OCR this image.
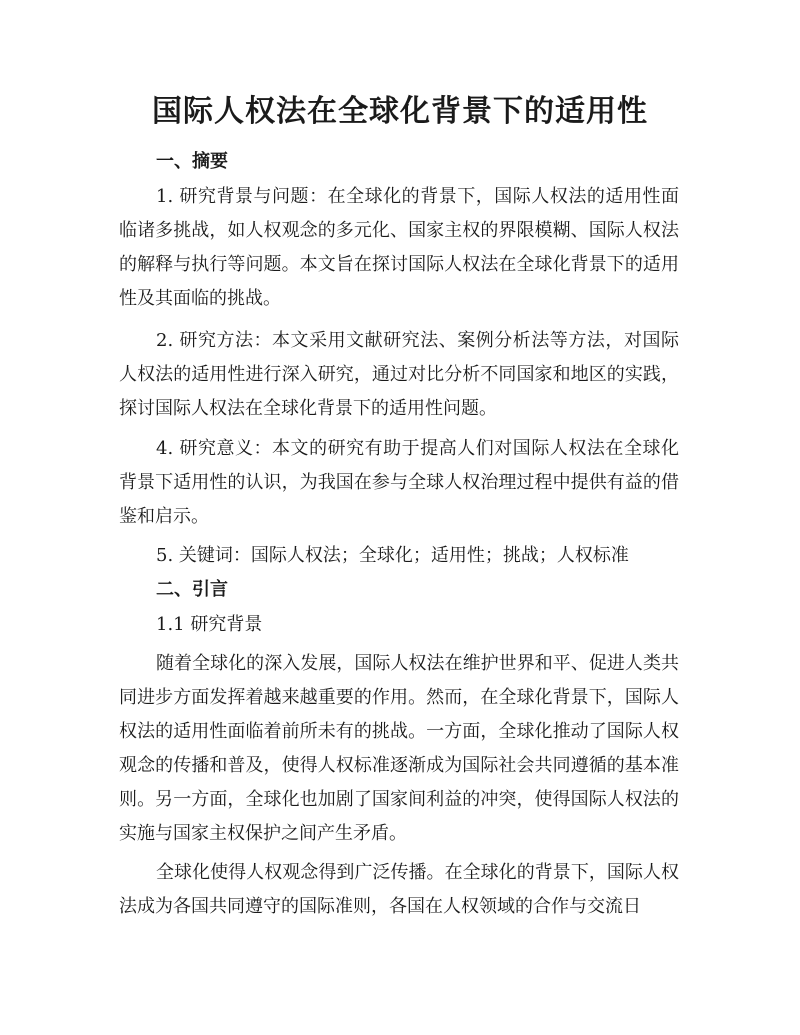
国际人权法在全球化背景下的适用性
一、摘要

1. 研究背景与问题：在全球化的背景下，国际人权法的适用性面临诸多挑战，如人权观念的多元化、国家主权的界限模糊、国际人权法的解释与执行等问题。本文旨在探讨国际人权法在全球化背景下的适用性及其面临的挑战。

2. 研究方法：本文采用文献研究法、案例分析法等方法，对国际人权法的适用性进行深入研究，通过对比分析不同国家和地区的实践，探讨国际人权法在全球化背景下的适用性问题。

4. 研究意义：本文的研究有助于提高人们对国际人权法在全球化背景下适用性的认识，为我国在参与全球人权治理过程中提供有益的借鉴和启示。

5. 关键词：国际人权法；全球化；适用性；挑战；人权标准

二、引言
1.1 研究背景

随着全球化的深入发展，国际人权法在维护世界和平、促进人类共同进步方面发挥着越来越重要的作用。然而，在全球化背景下，国际人权法的适用性面临着前所未有的挑战。一方面，全球化推动了国际人权观念的传播和普及，使得人权标准逐渐成为国际社会共同遵循的基本准则。另一方面，全球化也加剧了国家间利益的冲突，使得国际人权法的实施与国家主权保护之间产生矛盾。

全球化使得人权观念得到广泛传播。在全球化的背景下，国际人权法成为各国共同遵守的国际准则，各国在人权领域的合作与交流日
